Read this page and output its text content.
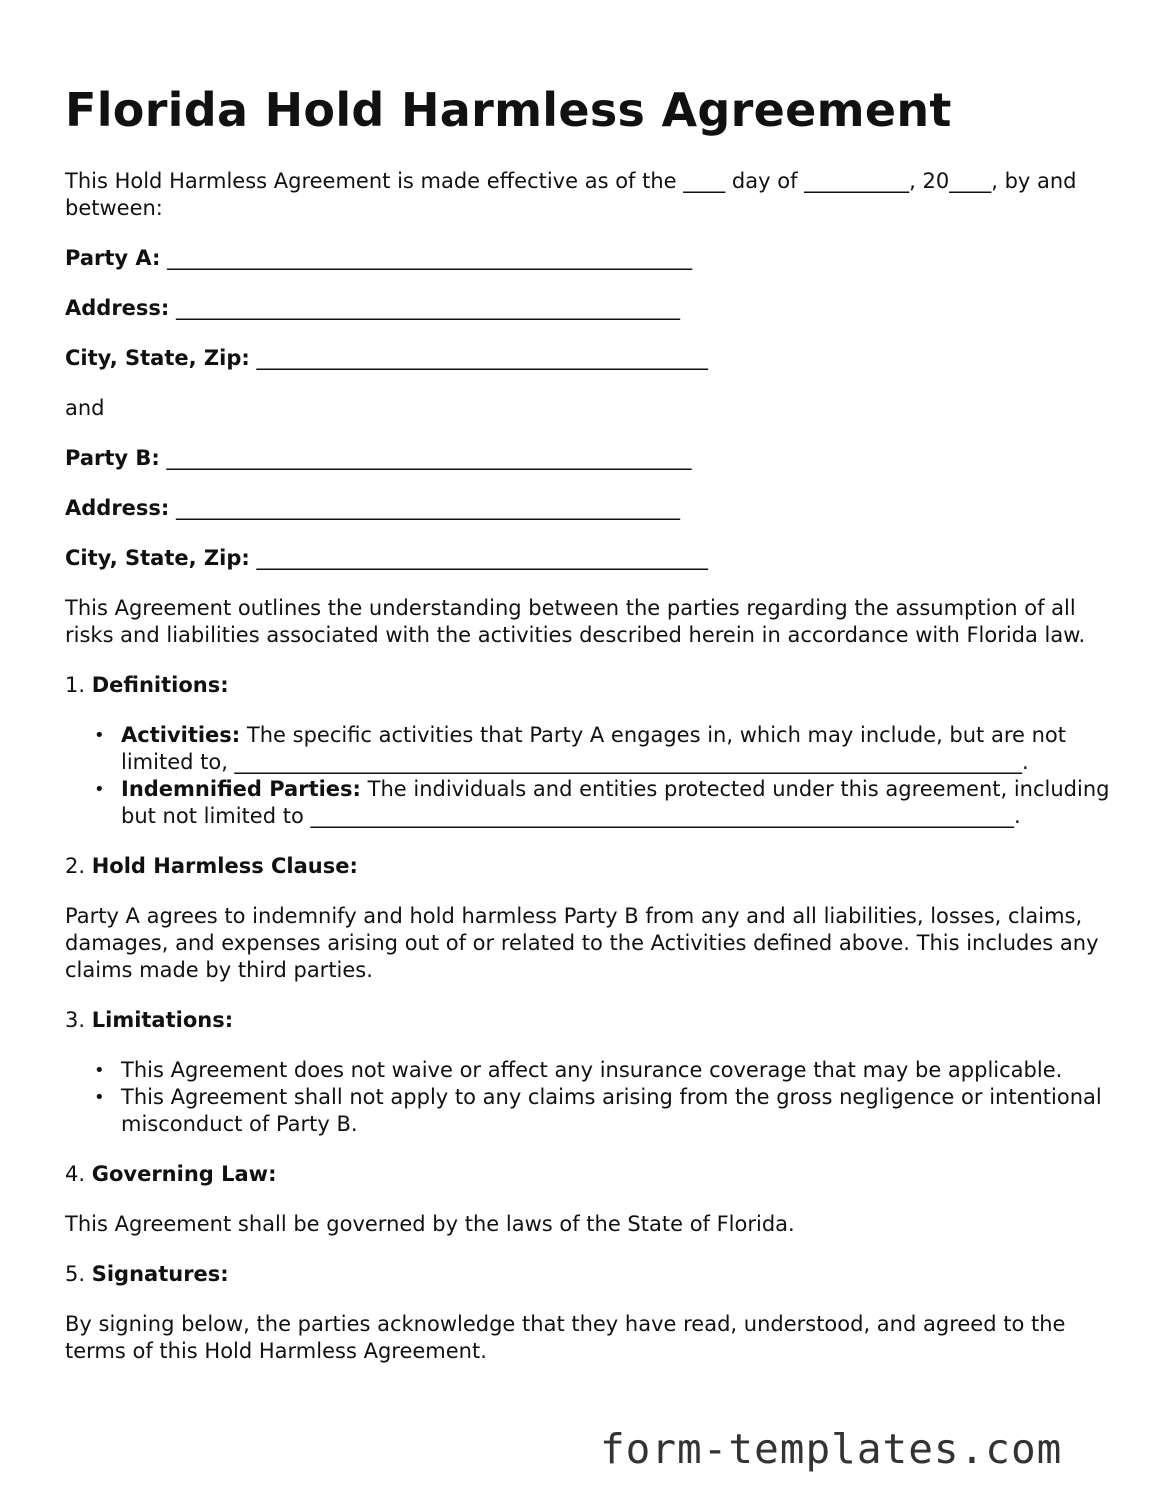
Florida Hold Harmless Agreement

This Hold Harmless Agreement is made effective as of the ____ day of __________, 20____, by and between:

Party A: __________________________________________________
Address: ________________________________________________
City, State, Zip: ___________________________________________

and

Party B: __________________________________________________
Address: ________________________________________________
City, State, Zip: ___________________________________________

This Agreement outlines the understanding between the parties regarding the assumption of all risks and liabilities associated with the activities described herein in accordance with Florida law.

1. Definitions:
• Activities: The specific activities that Party A engages in, which may include, but are not limited to, ___________________________________________________________________________.
• Indemnified Parties: The individuals and entities protected under this agreement, including but not limited to ___________________________________________________________________.
2. Hold Harmless Clause:

Party A agrees to indemnify and hold harmless Party B from any and all liabilities, losses, claims, damages, and expenses arising out of or related to the Activities defined above. This includes any claims made by third parties.

3. Limitations:
• This Agreement does not waive or affect any insurance coverage that may be applicable.
• This Agreement shall not apply to any claims arising from the gross negligence or intentional misconduct of Party B.
4. Governing Law:

This Agreement shall be governed by the laws of the State of Florida.

5. Signatures:

By signing below, the parties acknowledge that they have read, understood, and agreed to the terms of this Hold Harmless Agreement.

form-templates.com
